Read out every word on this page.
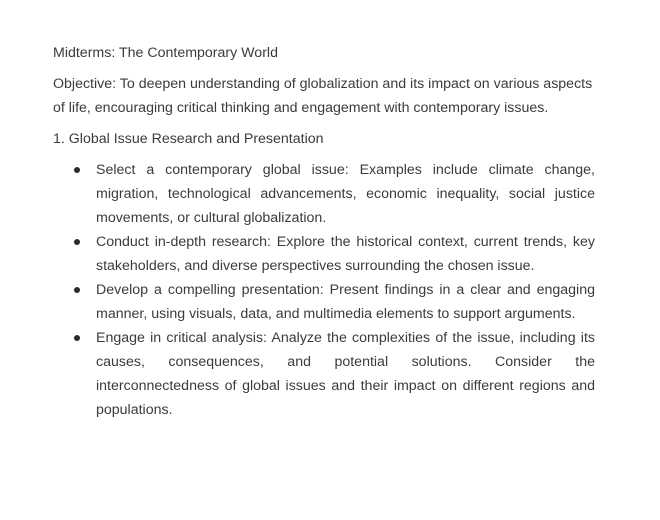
Midterms: The Contemporary World

Objective: To deepen understanding of globalization and its impact on various aspects of life, encouraging critical thinking and engagement with contemporary issues.

1. Global Issue Research and Presentation

Select a contemporary global issue: Examples include climate change, migration, technological advancements, economic inequality, social justice movements, or cultural globalization.
Conduct in-depth research: Explore the historical context, current trends, key stakeholders, and diverse perspectives surrounding the chosen issue.
Develop a compelling presentation: Present findings in a clear and engaging manner, using visuals, data, and multimedia elements to support arguments.
Engage in critical analysis: Analyze the complexities of the issue, including its causes, consequences, and potential solutions. Consider the interconnectedness of global issues and their impact on different regions and populations.
